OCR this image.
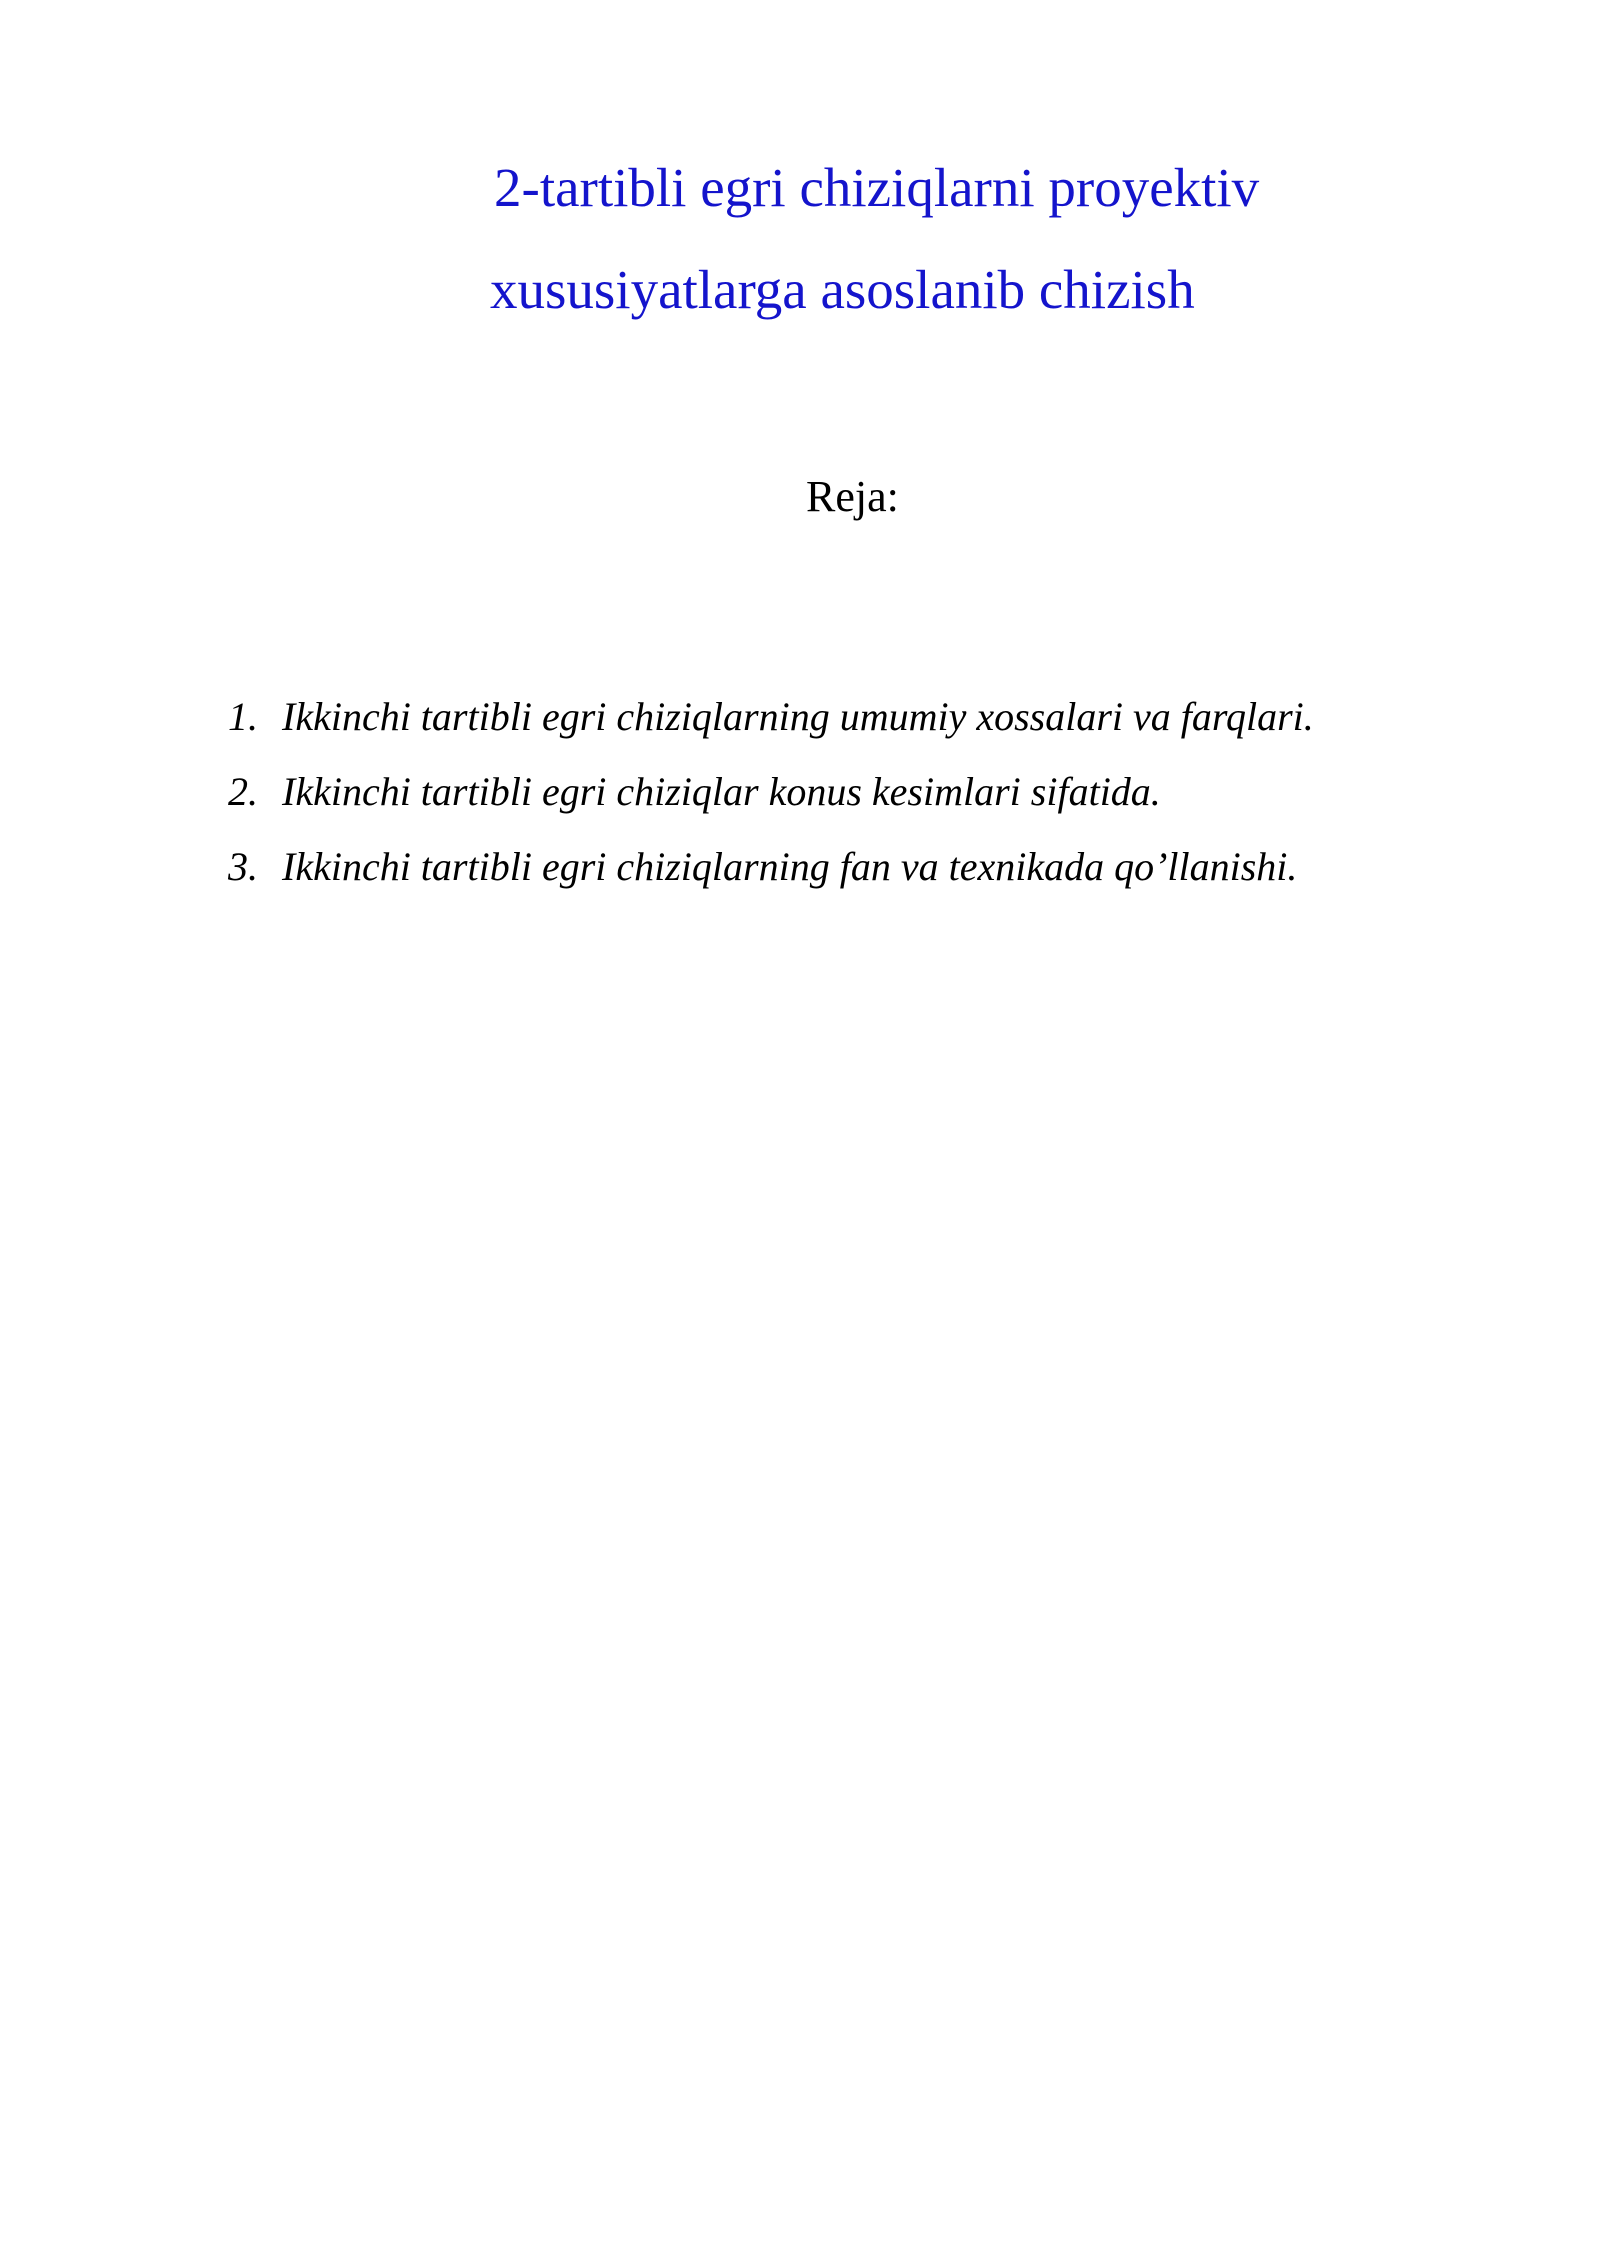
2-tartibli egri chiziqlarni proyektiv
xususiyatlarga asoslanib chizish
Reja:
1. Ikkinchi tartibli egri chiziqlarning umumiy xossalari va farqlari.
2. Ikkinchi tartibli egri chiziqlar konus kesimlari sifatida.
3. Ikkinchi tartibli egri chiziqlarning fan va texnikada qo’llanishi.
